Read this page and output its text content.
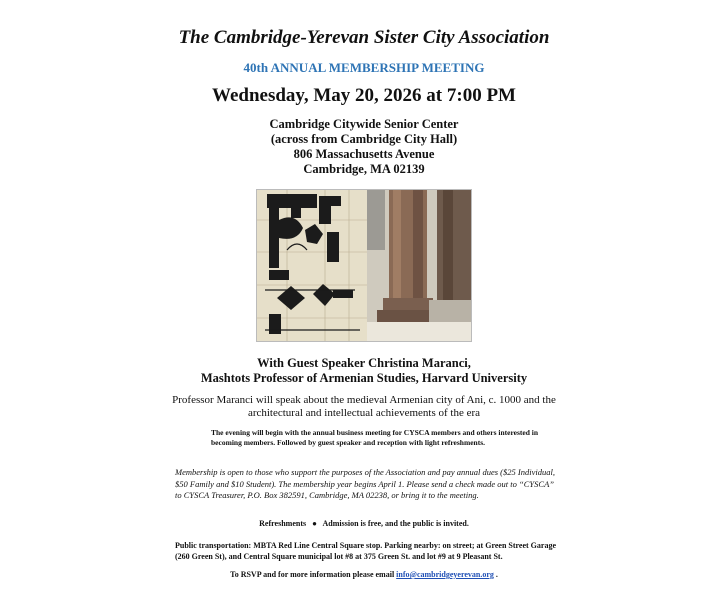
The Cambridge-Yerevan Sister City Association
40th ANNUAL MEMBERSHIP MEETING
Wednesday, May 20, 2026 at 7:00 PM
Cambridge Citywide Senior Center
(across from Cambridge City Hall)
806 Massachusetts Avenue
Cambridge, MA 02139
With Guest Speaker Christina Maranci,
Mashtots Professor of Armenian Studies, Harvard University
Professor Maranci will speak about the medieval Armenian city of Ani, c. 1000 and the
architectural and intellectual achievements of the era
The evening will begin with the annual business meeting for CYSCA members and others interested in becoming members. Followed by guest speaker and reception with light refreshments.
Membership is open to those who support the purposes of the Association and pay annual dues ($25 Individual, $50 Family and $10 Student). The membership year begins April 1. Please send a check made out to “CYSCA” to CYSCA Treasurer, P.O. Box 382591, Cambridge, MA 02238, or bring it to the meeting.
Refreshments ● Admission is free, and the public is invited.
Public transportation: MBTA Red Line Central Square stop. Parking nearby: on street; at Green Street Garage (260 Green St), and Central Square municipal lot #8 at 375 Green St. and lot #9 at 9 Pleasant St.
To RSVP and for more information please email info@cambridgeyerevan.org .
